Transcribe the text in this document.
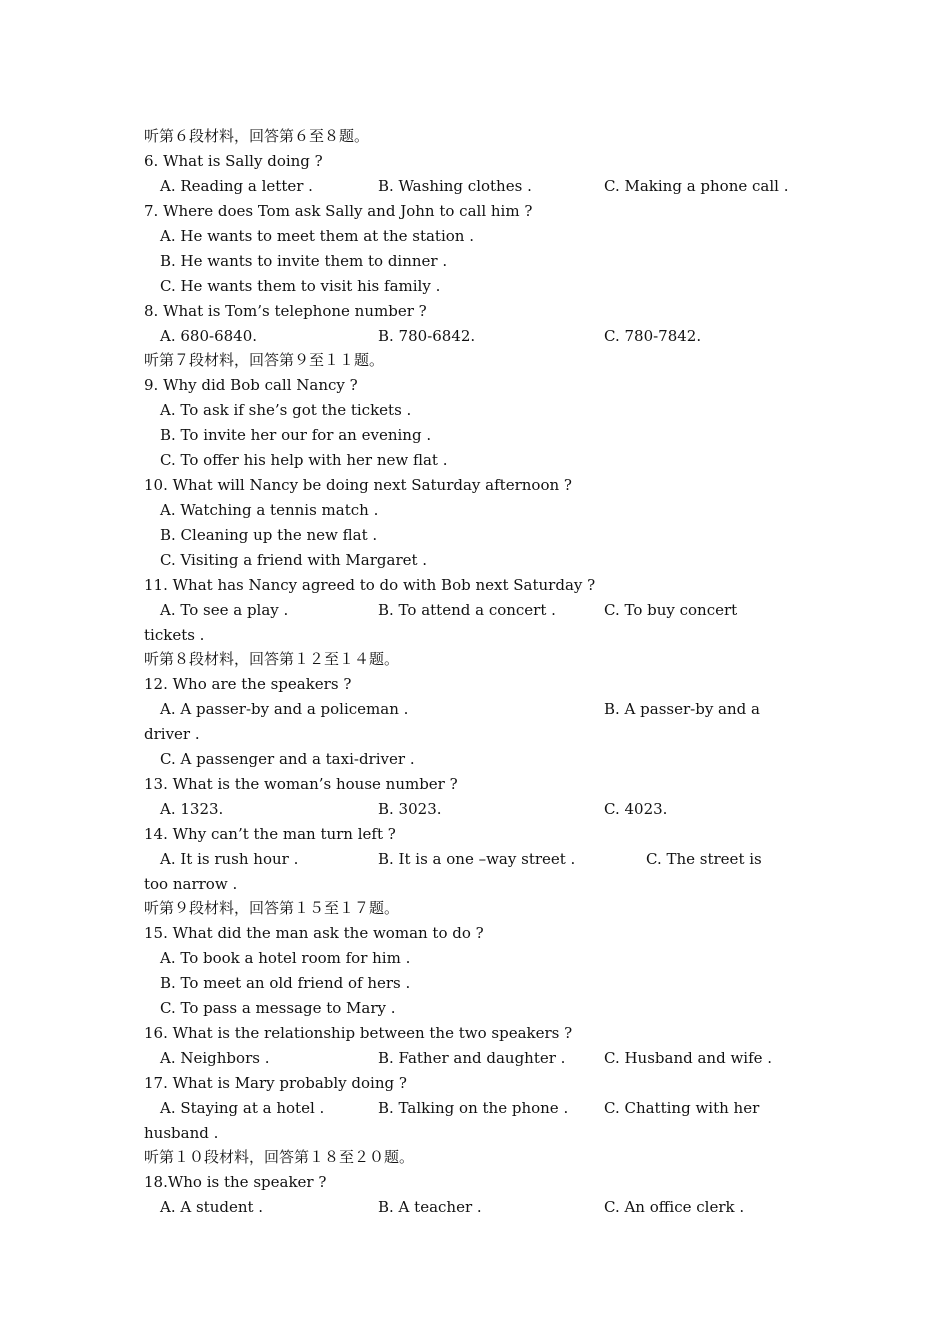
听第６段材料，回答第６至８题。
6. What is Sally doing ?

A. Reading a letter .

	B. Washing clothes .

	C. Making a phone call .

7. Where does Tom ask Sally and John to call him ?
A. He wants to meet them at the station .
B. He wants to invite them to dinner .
C. He wants them to visit his family .
8. What is Tom’s telephone number ?

A. 680-6840.

	B. 780-6842.

	C. 780-7842.

听第７段材料，回答第９至１１题。
9. Why did Bob call Nancy ?
A. To ask if she’s got the tickets .
B. To invite her our for an evening .
C. To offer his help with her new flat .
10. What will Nancy be doing next Saturday afternoon ?
A. Watching a tennis match .
B. Cleaning up the new flat .
C. Visiting a friend with Margaret .
11. What has Nancy agreed to do with Bob next Saturday ?

A. To see a play .

	B. To attend a concert .

	C. To buy concert

tickets .
听第８段材料，回答第１２至１４题。
12. Who are the speakers ?

A. A passer-by and a policeman .

	B. A passer-by and a

driver .
C. A passenger and a taxi-driver .
13. What is the woman’s house number ?

A. 1323.

	B. 3023.

	C. 4023.

14. Why can’t the man turn left ?

A. It is rush hour .

	B. It is a one –way street .

	C. The street is

too narrow .
听第９段材料，回答第１５至１７题。
15. What did the man ask the woman to do ?
A. To book a hotel room for him .
B. To meet an old friend of hers .
C. To pass a message to Mary .
16. What is the relationship between the two speakers ?

A. Neighbors .

	B. Father and daughter .

	C. Husband and wife .

17. What is Mary probably doing ?

A. Staying at a hotel .

	B. Talking on the phone .

C. Chatting with her

husband .
听第１０段材料，回答第１８至２０题。
18.Who is the speaker ?

A. A student .

	B. A teacher .

	C. An office clerk .
